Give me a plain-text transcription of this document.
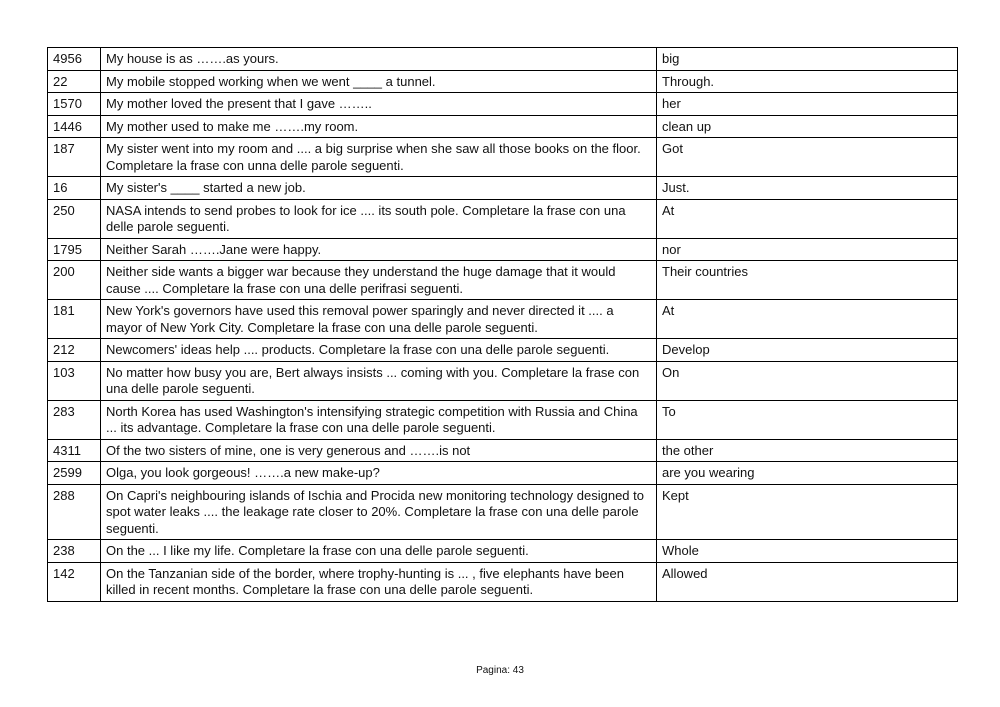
4956	My house is as …….as yours.	big
22	My mobile stopped working when we went ____ a tunnel.	Through.
1570	My mother loved the present that I gave ……..	her
1446	My mother used to make me …….my room.	clean up
187	My sister went into my room and .... a big surprise when she saw all those books on the floor. Completare la frase con unna delle parole seguenti.	Got
16	My sister's ____ started a new job.	Just.
250	NASA intends to send probes to look for ice .... its south pole. Completare la frase con una delle parole seguenti.	At
1795	Neither Sarah …….Jane were happy.	nor
200	Neither side wants a bigger war because they understand the huge damage that it would cause .... Completare la frase con una delle perifrasi seguenti.	Their countries
181	New York's governors have used this removal power sparingly and never directed it .... a mayor of New York City. Completare la frase con una delle parole seguenti.	At
212	Newcomers' ideas help .... products. Completare la frase con una delle parole seguenti.	Develop
103	No matter how busy you are, Bert always insists ... coming with you. Completare la frase con una delle parole seguenti.	On
283	North Korea has used Washington's intensifying strategic competition with Russia and China ... its advantage. Completare la frase con una delle parole seguenti.	To
4311	Of the two sisters of mine, one is very generous and …….is not	the other
2599	Olga, you look gorgeous! …….a new make-up?	are you wearing
288	On Capri's neighbouring islands of Ischia and Procida new monitoring technology designed to spot water leaks .... the leakage rate closer to 20%. Completare la frase con una delle parole seguenti.	Kept
238	On the ... I like my life. Completare la frase con una delle parole seguenti.	Whole
142	On the Tanzanian side of the border, where trophy-hunting is ... , five elephants have been killed in recent months. Completare la frase con una delle parole seguenti.	Allowed
Pagina: 43
